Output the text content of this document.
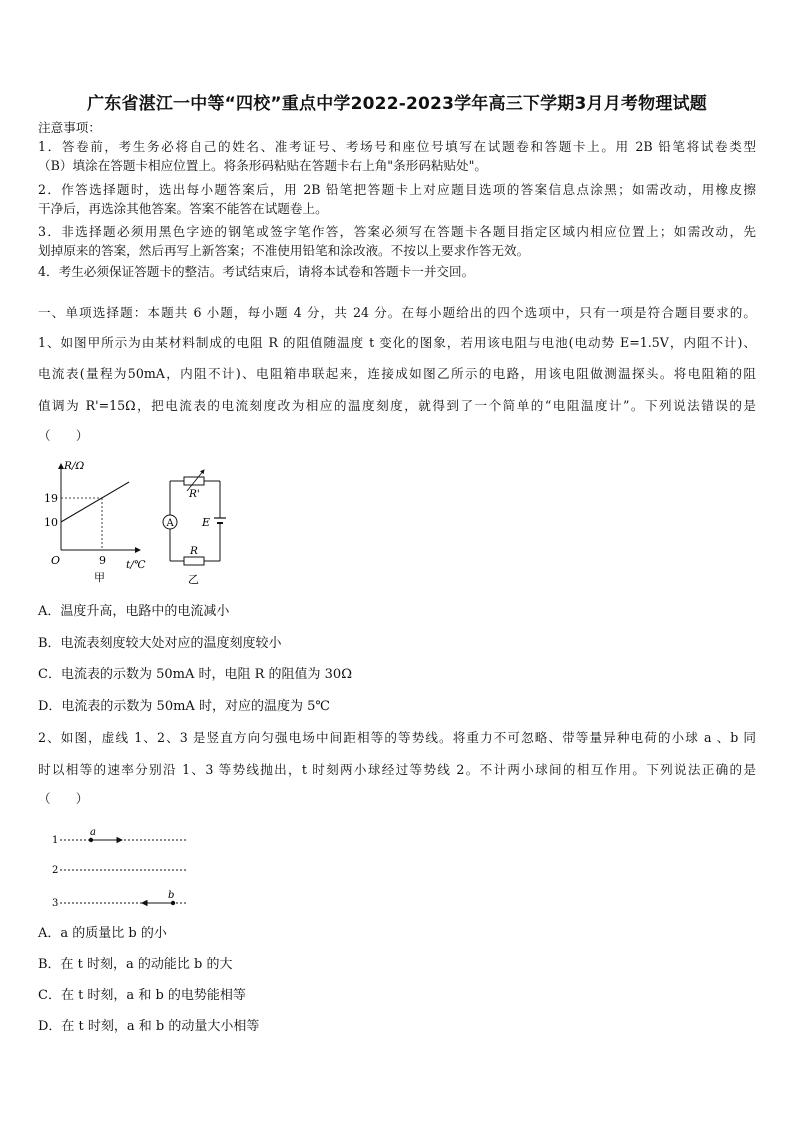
广东省湛江一中等“四校”重点中学2022-2023学年高三下学期3月月考物理试题
注意事项：
1．答卷前，考生务必将自己的姓名、准考证号、考场号和座位号填写在试题卷和答题卡上。用 2B 铅笔将试卷类型
（B）填涂在答题卡相应位置上。将条形码粘贴在答题卡右上角"条形码粘贴处"。
2．作答选择题时，选出每小题答案后，用 2B 铅笔把答题卡上对应题目选项的答案信息点涂黑；如需改动，用橡皮擦
干净后，再选涂其他答案。答案不能答在试题卷上。
3．非选择题必须用黑色字迹的钢笔或签字笔作答，答案必须写在答题卡各题目指定区域内相应位置上；如需改动，先
划掉原来的答案，然后再写上新答案；不准使用铅笔和涂改液。不按以上要求作答无效。
4．考生必须保证答题卡的整洁。考试结束后，请将本试卷和答题卡一并交回。
一、单项选择题：本题共 6 小题，每小题 4 分，共 24 分。在每小题给出的四个选项中，只有一项是符合题目要求的。
1、如图甲所示为由某材料制成的电阻 R 的阻值随温度 t 变化的图象，若用该电阻与电池(电动势 E=1.5V，内阻不计)、
电流表(量程为50mA，内阻不计)、电阻箱串联起来，连接成如图乙所示的电路，用该电阻做测温探头。将电阻箱的阻
值调为 R'=15Ω，把电流表的电流刻度改为相应的温度刻度，就得到了一个简单的“电阻温度计”。下列说法错误的是
（　　）
R/Ω
19
10
O	9 t/℃
甲
R'
E
A
R
乙
A．温度升高，电路中的电流减小
B．电流表刻度较大处对应的温度刻度较小
C．电流表的示数为 50mA 时，电阻 R 的阻值为 30Ω
D．电流表的示数为 50mA 时，对应的温度为 5℃
2、如图，虚线 1、2、3 是竖直方向匀强电场中间距相等的等势线。将重力不可忽略、带等量异种电荷的小球 a 、b 同
时以相等的速率分别沿 1、3 等势线抛出，t 时刻两小球经过等势线 2。不计两小球间的相互作用。下列说法正确的是
（　　）
1
2
3
a
b
A．a 的质量比 b 的小
B．在 t 时刻，a 的动能比 b 的大
C．在 t 时刻，a 和 b 的电势能相等
D．在 t 时刻，a 和 b 的动量大小相等
